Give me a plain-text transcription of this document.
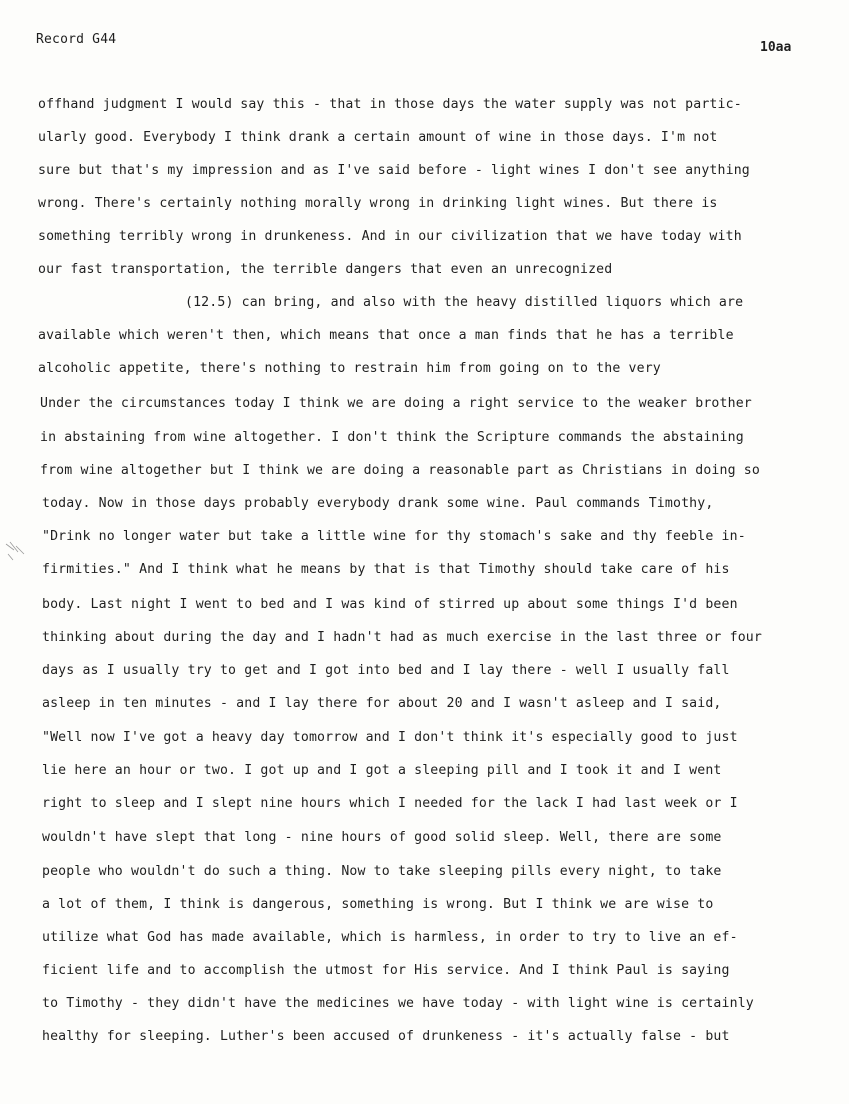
Record G44
10aa
offhand judgment I would say this - that in those days the water supply was not partic-
ularly good. Everybody I think drank a certain amount of wine in those days. I'm not
sure but that's my impression and as I've said before - light wines I don't see anything
wrong. There's certainly nothing morally wrong in drinking light wines. But there is
something terribly wrong in drunkeness. And in our civilization that we have today with
our fast transportation, the terrible dangers that even an unrecognized
(12.5) can bring, and also with the heavy distilled liquors which are
available which weren't then, which means that once a man finds that he has a terrible
alcoholic appetite, there's nothing to restrain him from going on to the very
Under the circumstances today I think we are doing a right service to the weaker brother
in abstaining from wine altogether. I don't think the Scripture commands the abstaining
from wine altogether but I think we are doing a reasonable part as Christians in doing so
today. Now in those days probably everybody drank some wine. Paul commands Timothy,
"Drink no longer water but take a little wine for thy stomach's sake and thy feeble in-
firmities." And I think what he means by that is that Timothy should take care of his
body. Last night I went to bed and I was kind of stirred up about some things I'd been
thinking about during the day and I hadn't had as much exercise in the last three or four
days as I usually try to get and I got into bed and I lay there - well I usually fall
asleep in ten minutes - and I lay there for about 20 and I wasn't asleep and I said,
"Well now I've got a heavy day tomorrow and I don't think it's especially good to just
lie here an hour or two. I got up and I got a sleeping pill and I took it and I went
right to sleep and I slept nine hours which I needed for the lack I had last week or I
wouldn't have slept that long - nine hours of good solid sleep. Well, there are some
people who wouldn't do such a thing. Now to take sleeping pills every night, to take
a lot of them, I think is dangerous, something is wrong. But I think we are wise to
utilize what God has made available, which is harmless, in order to try to live an ef-
ficient life and to accomplish the utmost for His service. And I think Paul is saying
to Timothy - they didn't have the medicines we have today - with light wine is certainly
healthy for sleeping. Luther's been accused of drunkeness - it's actually false - but
